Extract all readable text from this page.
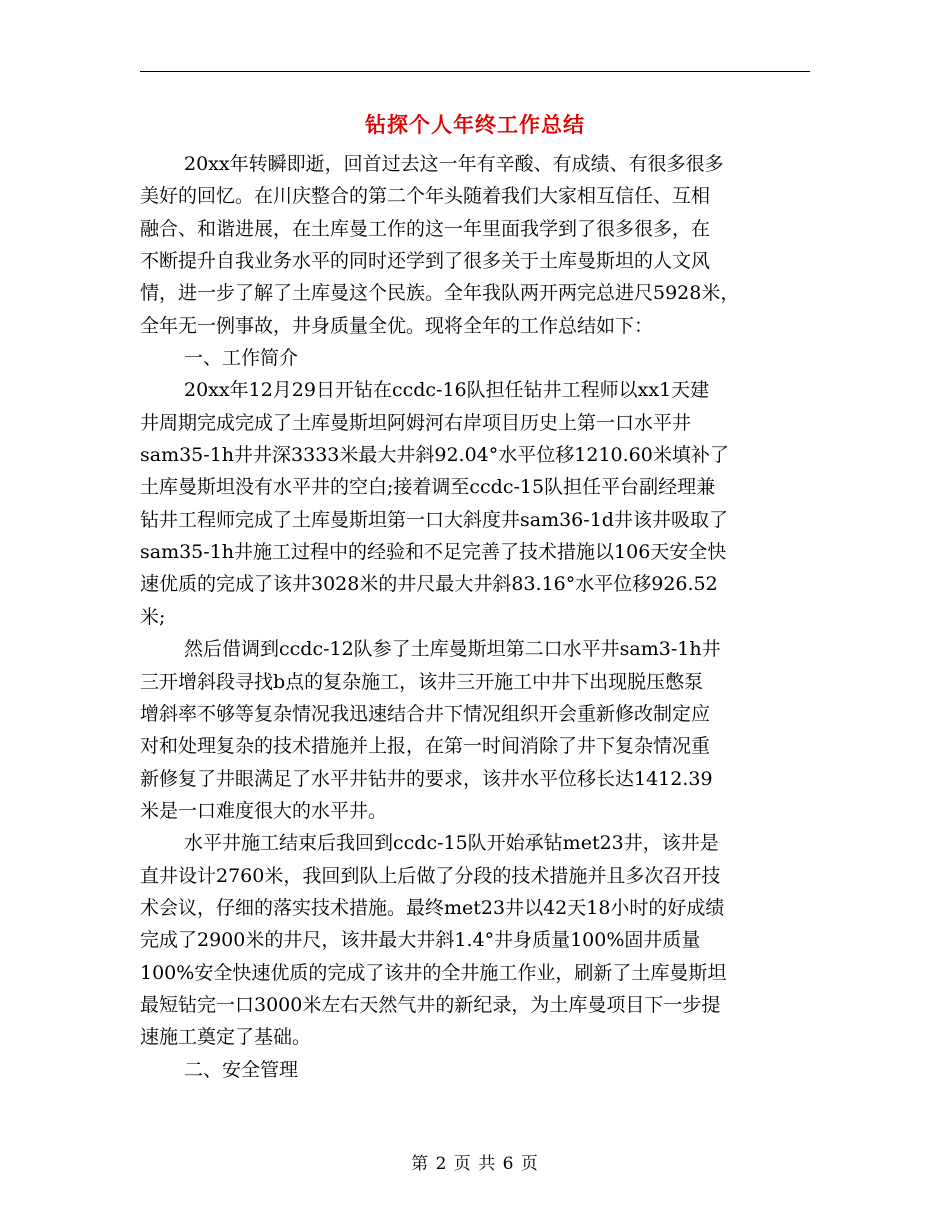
钻探个人年终工作总结
20xx年转瞬即逝，回首过去这一年有辛酸、有成绩、有很多很多
美好的回忆。在川庆整合的第二个年头随着我们大家相互信任、互相
融合、和谐进展，在土库曼工作的这一年里面我学到了很多很多，在
不断提升自我业务水平的同时还学到了很多关于土库曼斯坦的人文风
情，进一步了解了土库曼这个民族。全年我队两开两完总进尺5928米，
全年无一例事故，井身质量全优。现将全年的工作总结如下：
一、工作简介
20xx年12月29日开钻在ccdc-16队担任钻井工程师以xx1天建
井周期完成完成了土库曼斯坦阿姆河右岸项目历史上第一口水平井
sam35-1h井井深3333米最大井斜92.04°水平位移1210.60米填补了
土库曼斯坦没有水平井的空白;接着调至ccdc-15队担任平台副经理兼
钻井工程师完成了土库曼斯坦第一口大斜度井sam36-1d井该井吸取了
sam35-1h井施工过程中的经验和不足完善了技术措施以106天安全快
速优质的完成了该井3028米的井尺最大井斜83.16°水平位移926.52
米;
然后借调到ccdc-12队参了土库曼斯坦第二口水平井sam3-1h井
三开增斜段寻找b点的复杂施工，该井三开施工中井下出现脱压憋泵
增斜率不够等复杂情况我迅速结合井下情况组织开会重新修改制定应
对和处理复杂的技术措施并上报，在第一时间消除了井下复杂情况重
新修复了井眼满足了水平井钻井的要求，该井水平位移长达1412.39
米是一口难度很大的水平井。
水平井施工结束后我回到ccdc-15队开始承钻met23井，该井是
直井设计2760米，我回到队上后做了分段的技术措施并且多次召开技
术会议，仔细的落实技术措施。最终met23井以42天18小时的好成绩
完成了2900米的井尺，该井最大井斜1.4°井身质量100%固井质量
100%安全快速优质的完成了该井的全井施工作业，刷新了土库曼斯坦
最短钻完一口3000米左右天然气井的新纪录，为土库曼项目下一步提
速施工奠定了基础。
二、安全管理
第 2 页 共 6 页
